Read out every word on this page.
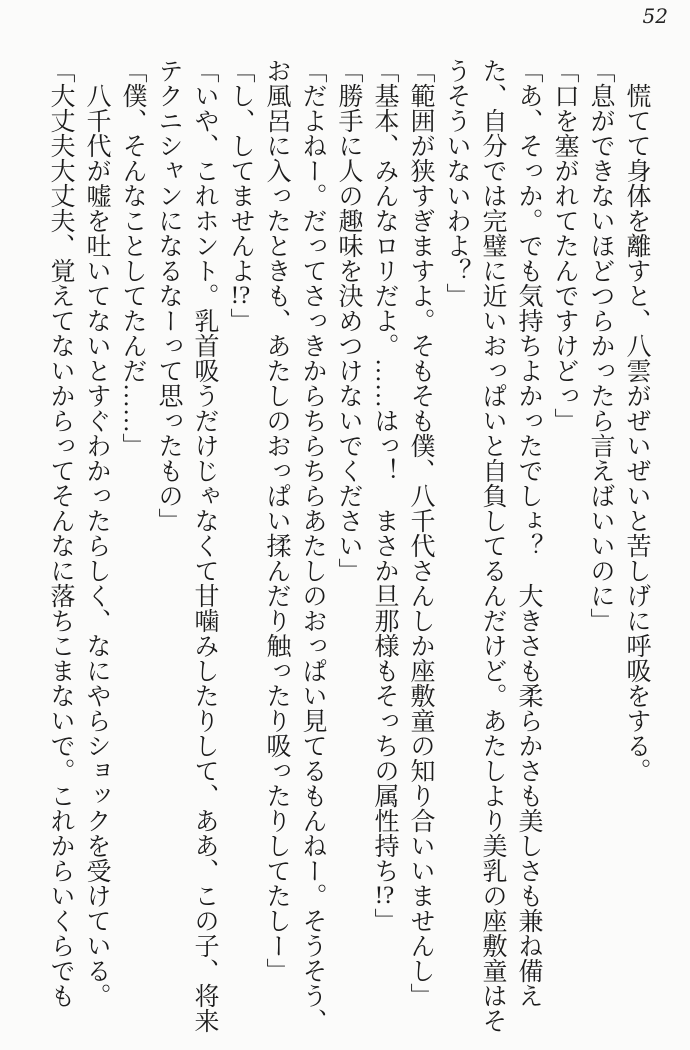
52

慌てて身体を離すと、八雲がぜいぜいと苦しげに呼吸をする。

「息ができないほどつらかったら言えばいいのに」

「口を塞がれてたんですけどっ」

「あ、そっか。でも気持ちよかったでしょ？　大きさも柔らかさも美しさも兼ね備えた、自分では完璧に近いおっぱいと自負してるんだけど。あたしより美乳の座敷童はそうそういないわよ？」

「範囲が狭すぎますよ。そもそも僕、八千代さんしか座敷童の知り合いいませんし」

「基本、みんなロリだよ。……はっ！　まさか旦那様もそっちの属性持ち!?」

「勝手に人の趣味を決めつけないでください」

「だよねー。だってさっきからちらちらあたしのおっぱい見てるもんねー。そうそう、お風呂に入ったときも、あたしのおっぱい揉んだり触ったり吸ったりしてたしー」

「し、してませんよ!?」

「いや、これホント。乳首吸うだけじゃなくて甘噛みしたりして、ああ、この子、将来テクニシャンになるなーって思ったもの」

「僕、そんなことしてたんだ……」

八千代が嘘を吐いてないとすぐわかったらしく、なにやらショックを受けている。

「大丈夫大丈夫、覚えてないからってそんなに落ちこまないで。これからいくらでも
